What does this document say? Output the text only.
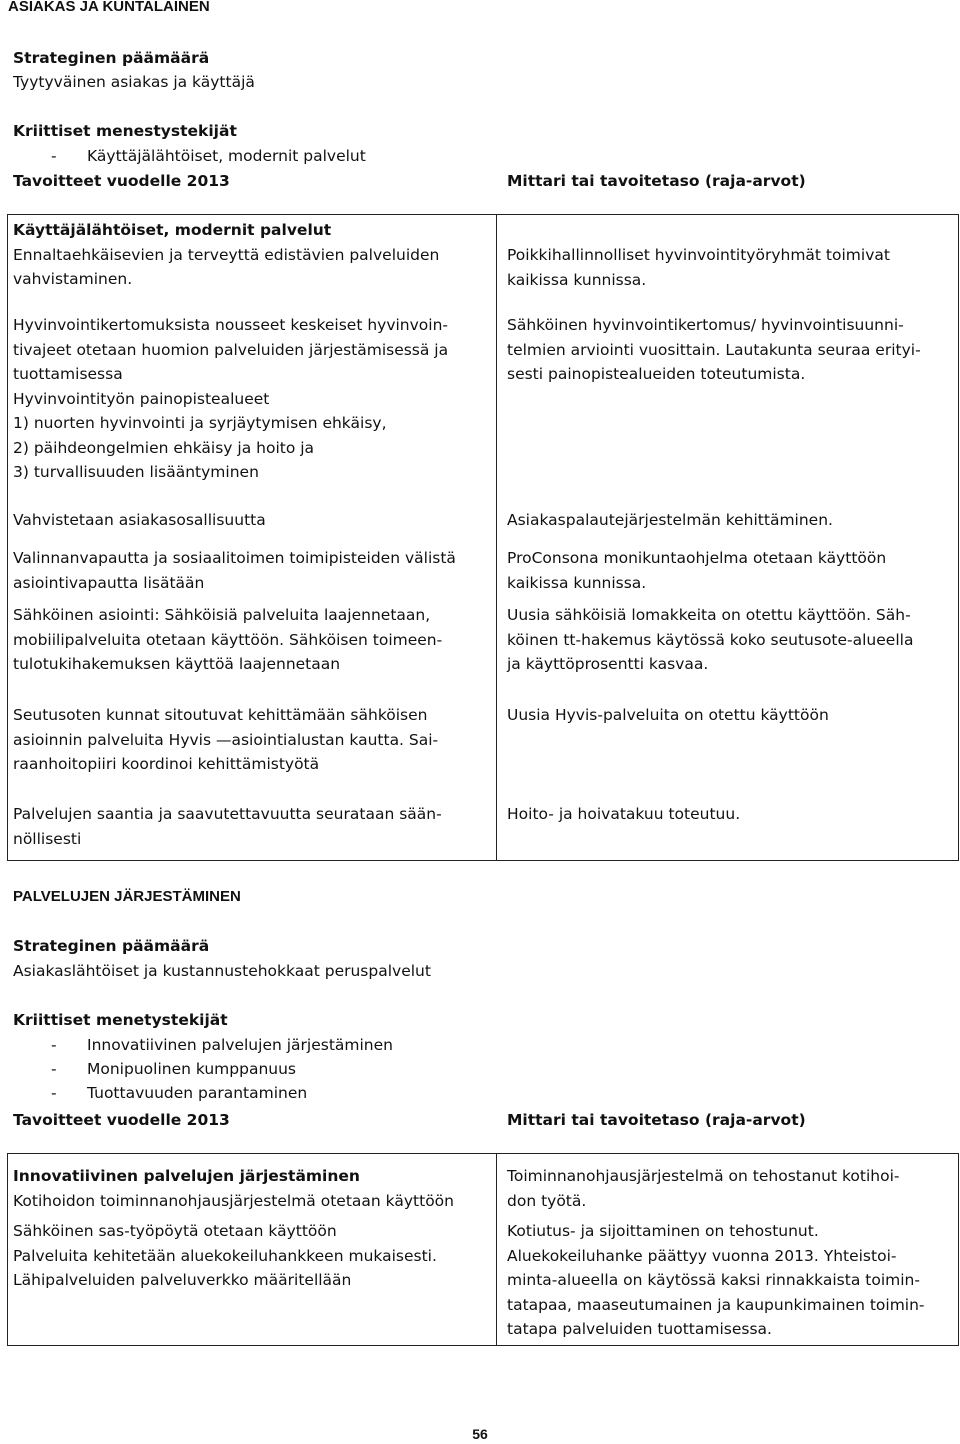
ASIAKAS JA KUNTALAINEN
Strateginen päämäärä
Tyytyväinen asiakas ja käyttäjä
Kriittiset menestystekijät
- Käyttäjälähtöiset, modernit palvelut
Tavoitteet vuodelle 2013	Mittari tai tavoitetaso (raja-arvot)
Käyttäjälähtöiset, modernit palvelut
Ennaltaehkäisevien ja terveyttä edistävien palveluiden
vahvistaminen.
Hyvinvointikertomuksista nousseet keskeiset hyvinvoin-
tivajeet otetaan huomion palveluiden järjestämisessä ja
tuottamisessa
Hyvinvointityön painopistealueet
1) nuorten hyvinvointi ja syrjäytymisen ehkäisy,
2) päihdeongelmien ehkäisy ja hoito ja
3) turvallisuuden lisääntyminen
Vahvistetaan asiakasosallisuutta
Valinnanvapautta ja sosiaalitoimen toimipisteiden välistä
asiointivapautta lisätään
Sähköinen asiointi: Sähköisiä palveluita laajennetaan,
mobiilipalveluita otetaan käyttöön. Sähköisen toimeen-
tulotukihakemuksen käyttöä laajennetaan
Seutusoten kunnat sitoutuvat kehittämään sähköisen
asioinnin palveluita Hyvis —asiointialustan kautta. Sai-
raanhoitopiiri koordinoi kehittämistyötä
Palvelujen saantia ja saavutettavuutta seurataan sään-
nöllisesti
Poikkihallinnolliset hyvinvointityöryhmät toimivat
kaikissa kunnissa.
Sähköinen hyvinvointikertomus/ hyvinvointisuunni-
telmien arviointi vuosittain. Lautakunta seuraa erityi-
sesti painopistealueiden toteutumista.
Asiakaspalautejärjestelmän kehittäminen.
ProConsona monikuntaohjelma otetaan käyttöön
kaikissa kunnissa.
Uusia sähköisiä lomakkeita on otettu käyttöön. Säh-
köinen tt-hakemus käytössä koko seutusote-alueella
ja käyttöprosentti kasvaa.
Uusia Hyvis-palveluita on otettu käyttöön
Hoito- ja hoivatakuu toteutuu.
PALVELUJEN JÄRJESTÄMINEN
Strateginen päämäärä
Asiakaslähtöiset ja kustannustehokkaat peruspalvelut
Kriittiset menetystekijät
- Innovatiivinen palvelujen järjestäminen
- Monipuolinen kumppanuus
- Tuottavuuden parantaminen
Tavoitteet vuodelle 2013	Mittari tai tavoitetaso (raja-arvot)
Innovatiivinen palvelujen järjestäminen
Kotihoidon toiminnanohjausjärjestelmä otetaan käyttöön
Sähköinen sas-työpöytä otetaan käyttöön
Palveluita kehitetään aluekokeiluhankkeen mukaisesti.
Lähipalveluiden palveluverkko määritellään
Toiminnanohjausjärjestelmä on tehostanut kotihoi-
don työtä.
Kotiutus- ja sijoittaminen on tehostunut.
Aluekokeiluhanke päättyy vuonna 2013. Yhteistoi-
minta-alueella on käytössä kaksi rinnakkaista toimin-
tatapaa, maaseutumainen ja kaupunkimainen toimin-
tatapa palveluiden tuottamisessa.
56
